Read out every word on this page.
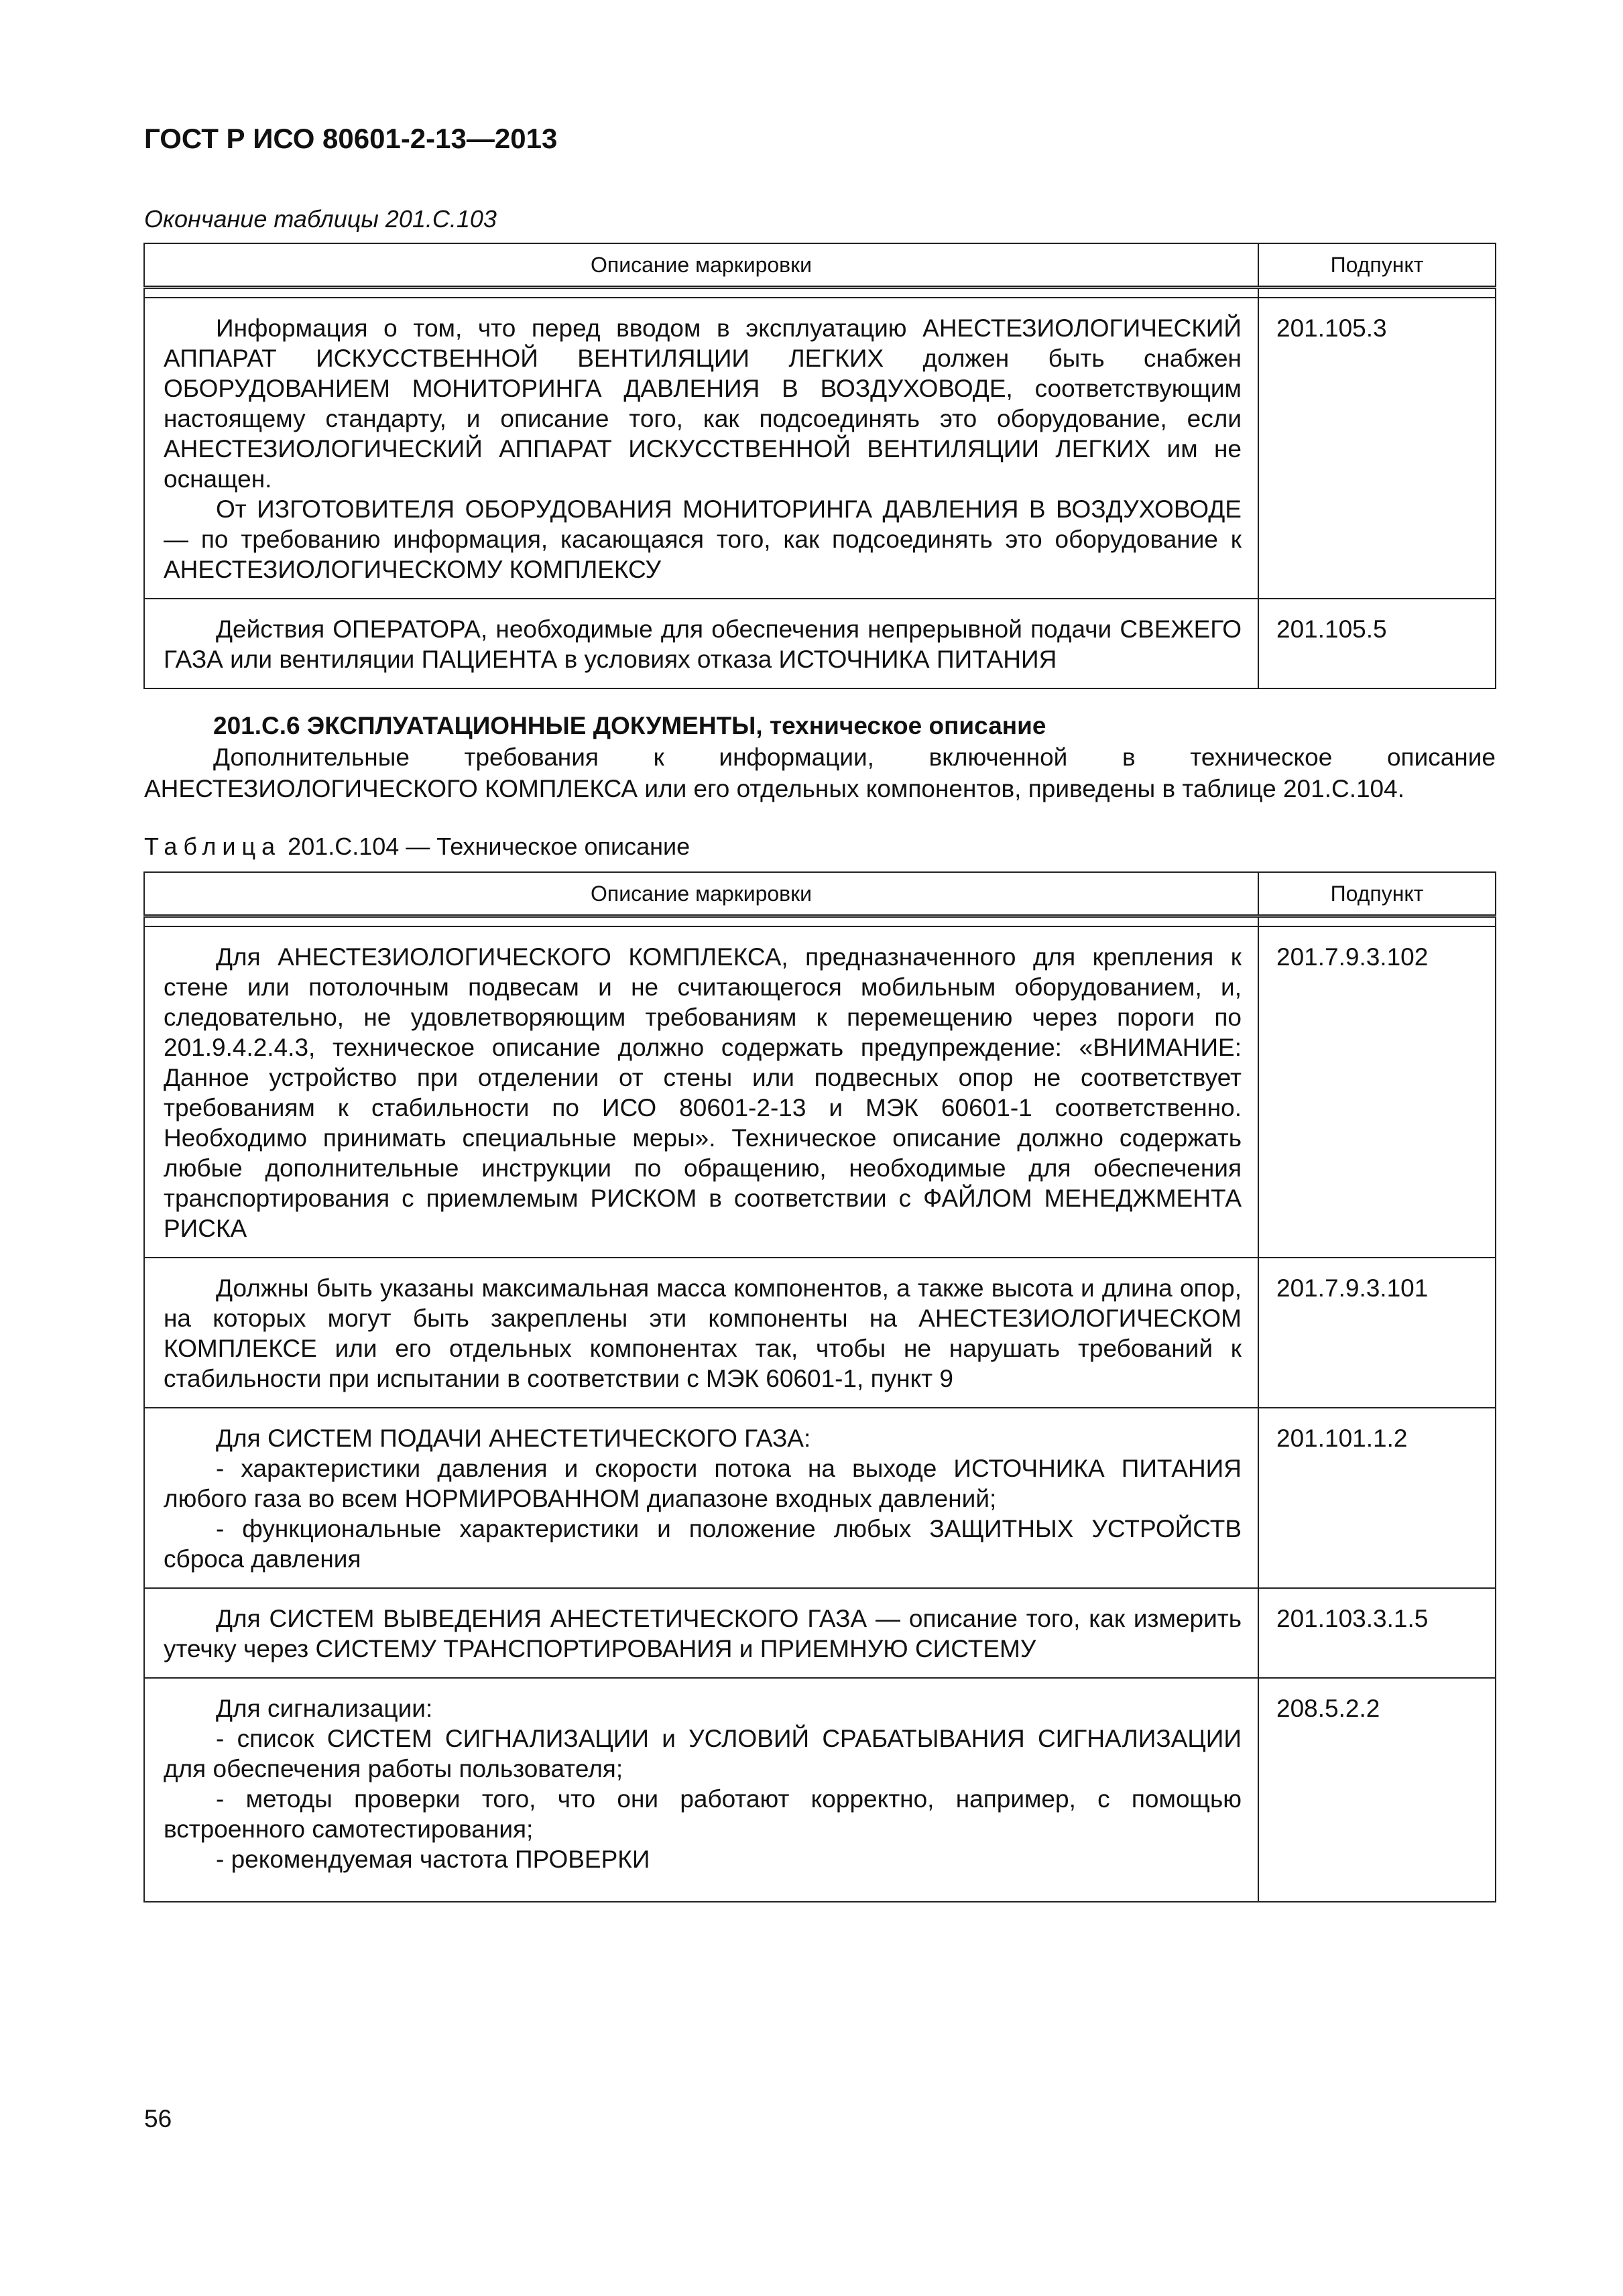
ГОСТ Р ИСО 80601-2-13—2013
Окончание таблицы 201.С.103
Описание маркировки	Подпункт

Информация о том, что перед вводом в эксплуатацию АНЕСТЕЗИОЛОГИЧЕСКИЙ АППАРАТ ИСКУССТВЕННОЙ ВЕНТИЛЯЦИИ ЛЕГКИХ должен быть снабжен ОБОРУДОВАНИЕМ МОНИТОРИНГА ДАВЛЕНИЯ В ВОЗДУХОВОДЕ, соответствующим настоящему стандарту, и описание того, как подсоединять это оборудование, если АНЕСТЕЗИОЛОГИЧЕСКИЙ АППАРАТ ИСКУССТВЕННОЙ ВЕНТИЛЯЦИИ ЛЕГКИХ им не оснащен.

От ИЗГОТОВИТЕЛЯ ОБОРУДОВАНИЯ МОНИТОРИНГА ДАВЛЕНИЯ В ВОЗДУХОВОДЕ — по требованию информация, касающаяся того, как подсоединять это оборудование к АНЕСТЕЗИОЛОГИЧЕСКОМУ КОМПЛЕКСУ	201.105.3

Действия ОПЕРАТОРА, необходимые для обеспечения непрерывной подачи СВЕЖЕГО ГАЗА или вентиляции ПАЦИЕНТА в условиях отказа ИСТОЧНИКА ПИТАНИЯ	201.105.5
201.С.6 ЭКСПЛУАТАЦИОННЫЕ ДОКУМЕНТЫ, техническое описание
Дополнительные требования к информации, включенной в техническое описание АНЕСТЕЗИОЛОГИЧЕСКОГО КОМПЛЕКСА или его отдельных компонентов, приведены в таблице 201.С.104.
Таблица 201.С.104 — Техническое описание
Описание маркировки	Подпункт

Для АНЕСТЕЗИОЛОГИЧЕСКОГО КОМПЛЕКСА, предназначенного для крепления к стене или потолочным подвесам и не считающегося мобильным оборудованием, и, следовательно, не удовлетворяющим требованиям к перемещению через пороги по 201.9.4.2.4.3, техническое описание должно содержать предупреждение: «ВНИМАНИЕ: Данное устройство при отделении от стены или подвесных опор не соответствует требованиям к стабильности по ИСО 80601-2-13 и МЭК 60601-1 соответственно. Необходимо принимать специальные меры». Техническое описание должно содержать любые дополнительные инструкции по обращению, необходимые для обеспечения транспортирования с приемлемым РИСКОМ в соответствии с ФАЙЛОМ МЕНЕДЖМЕНТА РИСКА	201.7.9.3.102

Должны быть указаны максимальная масса компонентов, а также высота и длина опор, на которых могут быть закреплены эти компоненты на АНЕСТЕЗИОЛОГИЧЕСКОМ КОМПЛЕКСЕ или его отдельных компонентах так, чтобы не нарушать требований к стабильности при испытании в соответствии с МЭК 60601-1, пункт 9	201.7.9.3.101

Для СИСТЕМ ПОДАЧИ АНЕСТЕТИЧЕСКОГО ГАЗА:

- характеристики давления и скорости потока на выходе ИСТОЧНИКА ПИТАНИЯ любого газа во всем НОРМИРОВАННОМ диапазоне входных давлений;

- функциональные характеристики и положение любых ЗАЩИТНЫХ УСТРОЙСТВ сброса давления	201.101.1.2

Для СИСТЕМ ВЫВЕДЕНИЯ АНЕСТЕТИЧЕСКОГО ГАЗА — описание того, как измерить утечку через СИСТЕМУ ТРАНСПОРТИРОВАНИЯ и ПРИЕМНУЮ СИСТЕМУ	201.103.3.1.5

Для сигнализации:

- список СИСТЕМ СИГНАЛИЗАЦИИ и УСЛОВИЙ СРАБАТЫВАНИЯ СИГНАЛИЗАЦИИ для обеспечения работы пользователя;

- методы проверки того, что они работают корректно, например, с помощью встроенного самотестирования;

- рекомендуемая частота ПРОВЕРКИ	208.5.2.2
56
